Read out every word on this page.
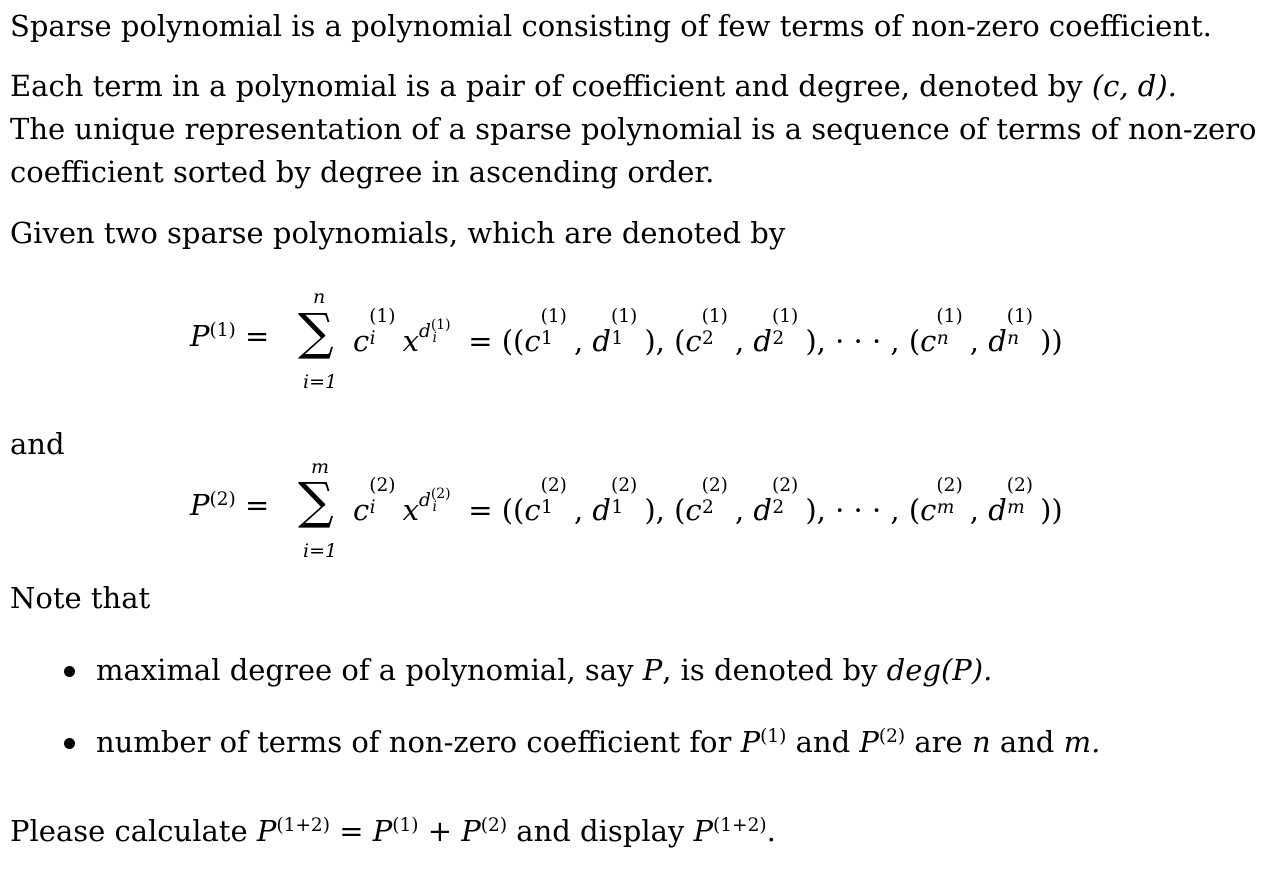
Sparse polynomial is a polynomial consisting of few terms of non-zero coefficient.
Each term in a polynomial is a pair of coefficient and degree, denoted by (c, d).
The unique representation of a sparse polynomial is a sequence of terms of non-zero
coefficient sorted by degree in ascending order.
Given two sparse polynomials, which are denoted by
n
∑
i=1
$P^{(1)}$ =	c
(1)
i $x^{d^{(1)}_i} = ((c$
(1)
1 , d
(1)
1 ), (c
(1)
2 , d
(1)
2 ), · · · , (c
(1)
n , d
(1)
n ))
and
m
∑
i=1
$P^{(2)}$ =	c
(2)
i $x^{d^{(2)}_i} = ((c$
(2)
1 , d
(2)
1 ), (c
(2)
2 , d
(2)
2 ), · · · , (c
(2)
m , d
(2)
m ))
Note that
maximal degree of a polynomial, say P, is denoted by deg(P).
number of terms of non-zero coefficient for $P^{(1)}$ and $P^{(2)}$ are n and m.
Please calculate $P^{(1+2)} = P^{(1)} + P^{(2)}$ and display $P^{(1+2)}$.
